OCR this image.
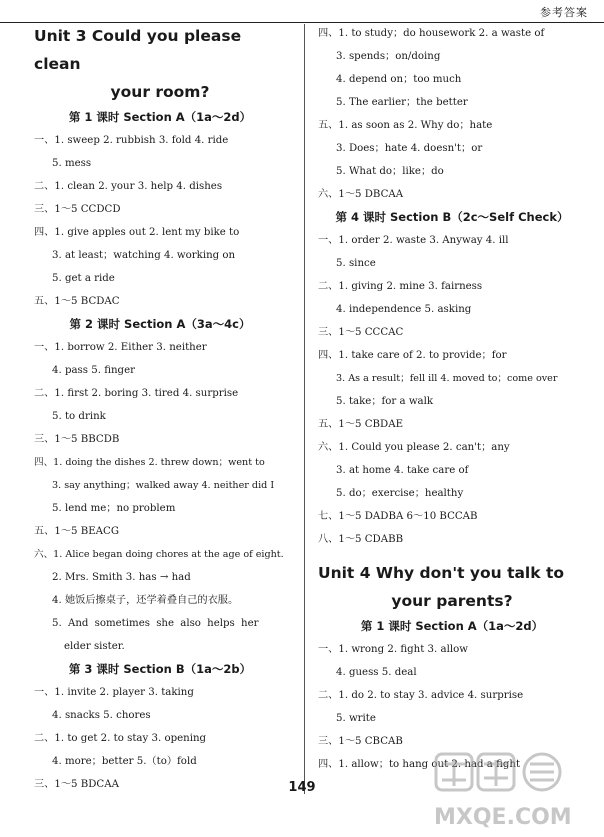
参考答案
Unit 3 Could you please clean
your room?

第 1 课时 Section A（1a～2d）

一、1. sweep 2. rubbish 3. fold 4. ride

5. mess

二、1. clean 2. your 3. help 4. dishes

三、1～5 CCDCD

四、1. give apples out 2. lent my bike to

3. at least；watching 4. working on

5. get a ride

五、1～5 BCDAC

第 2 课时 Section A（3a～4c）

一、1. borrow 2. Either 3. neither

4. pass 5. finger

二、1. first 2. boring 3. tired 4. surprise

5. to drink

三、1～5 BBCDB

四、1. doing the dishes 2. threw down；went to

3. say anything；walked away 4. neither did I

5. lend me；no problem

五、1～5 BEACG

六、1. Alice began doing chores at the age of eight.

2. Mrs. Smith 3. has → had

4. 她饭后擦桌子，还学着叠自己的衣服。

5. And sometimes she also helps her

elder sister.

第 3 课时 Section B（1a～2b）

一、1. invite 2. player 3. taking

4. snacks 5. chores

二、1. to get 2. to stay 3. opening

4. more；better 5.（to）fold

三、1～5 BDCAA

四、1. to study；do housework 2. a waste of

3. spends；on/doing

4. depend on；too much

5. The earlier；the better

五、1. as soon as 2. Why do；hate

3. Does；hate 4. doesn't；or

5. What do；like；do

六、1～5 DBCAA

第 4 课时 Section B（2c～Self Check）

一、1. order 2. waste 3. Anyway 4. ill

5. since

二、1. giving 2. mine 3. fairness

4. independence 5. asking

三、1～5 CCCAC

四、1. take care of 2. to provide；for

3. As a result；fell ill 4. moved to；come over

5. take；for a walk

五、1～5 CBDAE

六、1. Could you please 2. can't；any

3. at home 4. take care of

5. do；exercise；healthy

七、1～5 DADBA 6～10 BCCAB

八、1～5 CDABB

Unit 4 Why don't you talk to
your parents?

第 1 课时 Section A（1a～2d）

一、1. wrong 2. fight 3. allow

4. guess 5. deal

二、1. do 2. to stay 3. advice 4. surprise

5. write

三、1～5 CBCAB

四、1. allow；to hang out 2. had a fight

149
MXQE.COM
